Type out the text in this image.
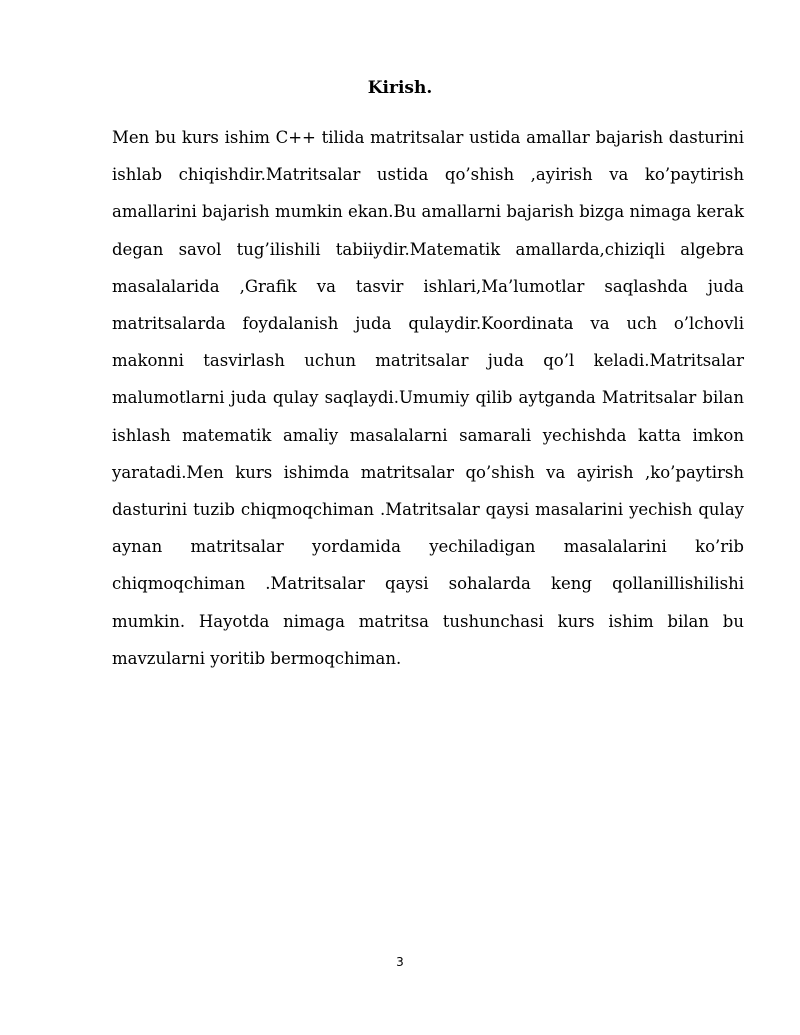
Kirish.

Men bu kurs ishim C++ tilida matritsalar ustida amallar bajarish dasturini ishlab chiqishdir.Matritsalar ustida qo’shish ,ayirish va ko’paytirish amallarini bajarish mumkin ekan.Bu amallarni bajarish bizga nimaga kerak degan savol tug’ilishili tabiiydir.Matematik amallarda,chiziqli algebra masalalarida ,Grafik va tasvir ishlari,Ma’lumotlar saqlashda juda matritsalarda foydalanish juda qulaydir.Koordinata va uch o’lchovli makonni tasvirlash uchun matritsalar juda qo’l keladi.Matritsalar malumotlarni juda qulay saqlaydi.Umumiy qilib aytganda Matritsalar bilan ishlash matematik amaliy masalalarni samarali yechishda katta imkon yaratadi.Men kurs ishimda matritsalar qo’shish va ayirish ,ko’paytirsh dasturini tuzib chiqmoqchiman .Matritsalar qaysi masalarini yechish qulay aynan matritsalar yordamida yechiladigan masalalarini ko’rib chiqmoqchiman .Matritsalar qaysi sohalarda keng qollanillishilishi mumkin. Hayotda nimaga matritsa tushunchasi kurs ishim bilan bu mavzularni yoritib bermoqchiman.

3
